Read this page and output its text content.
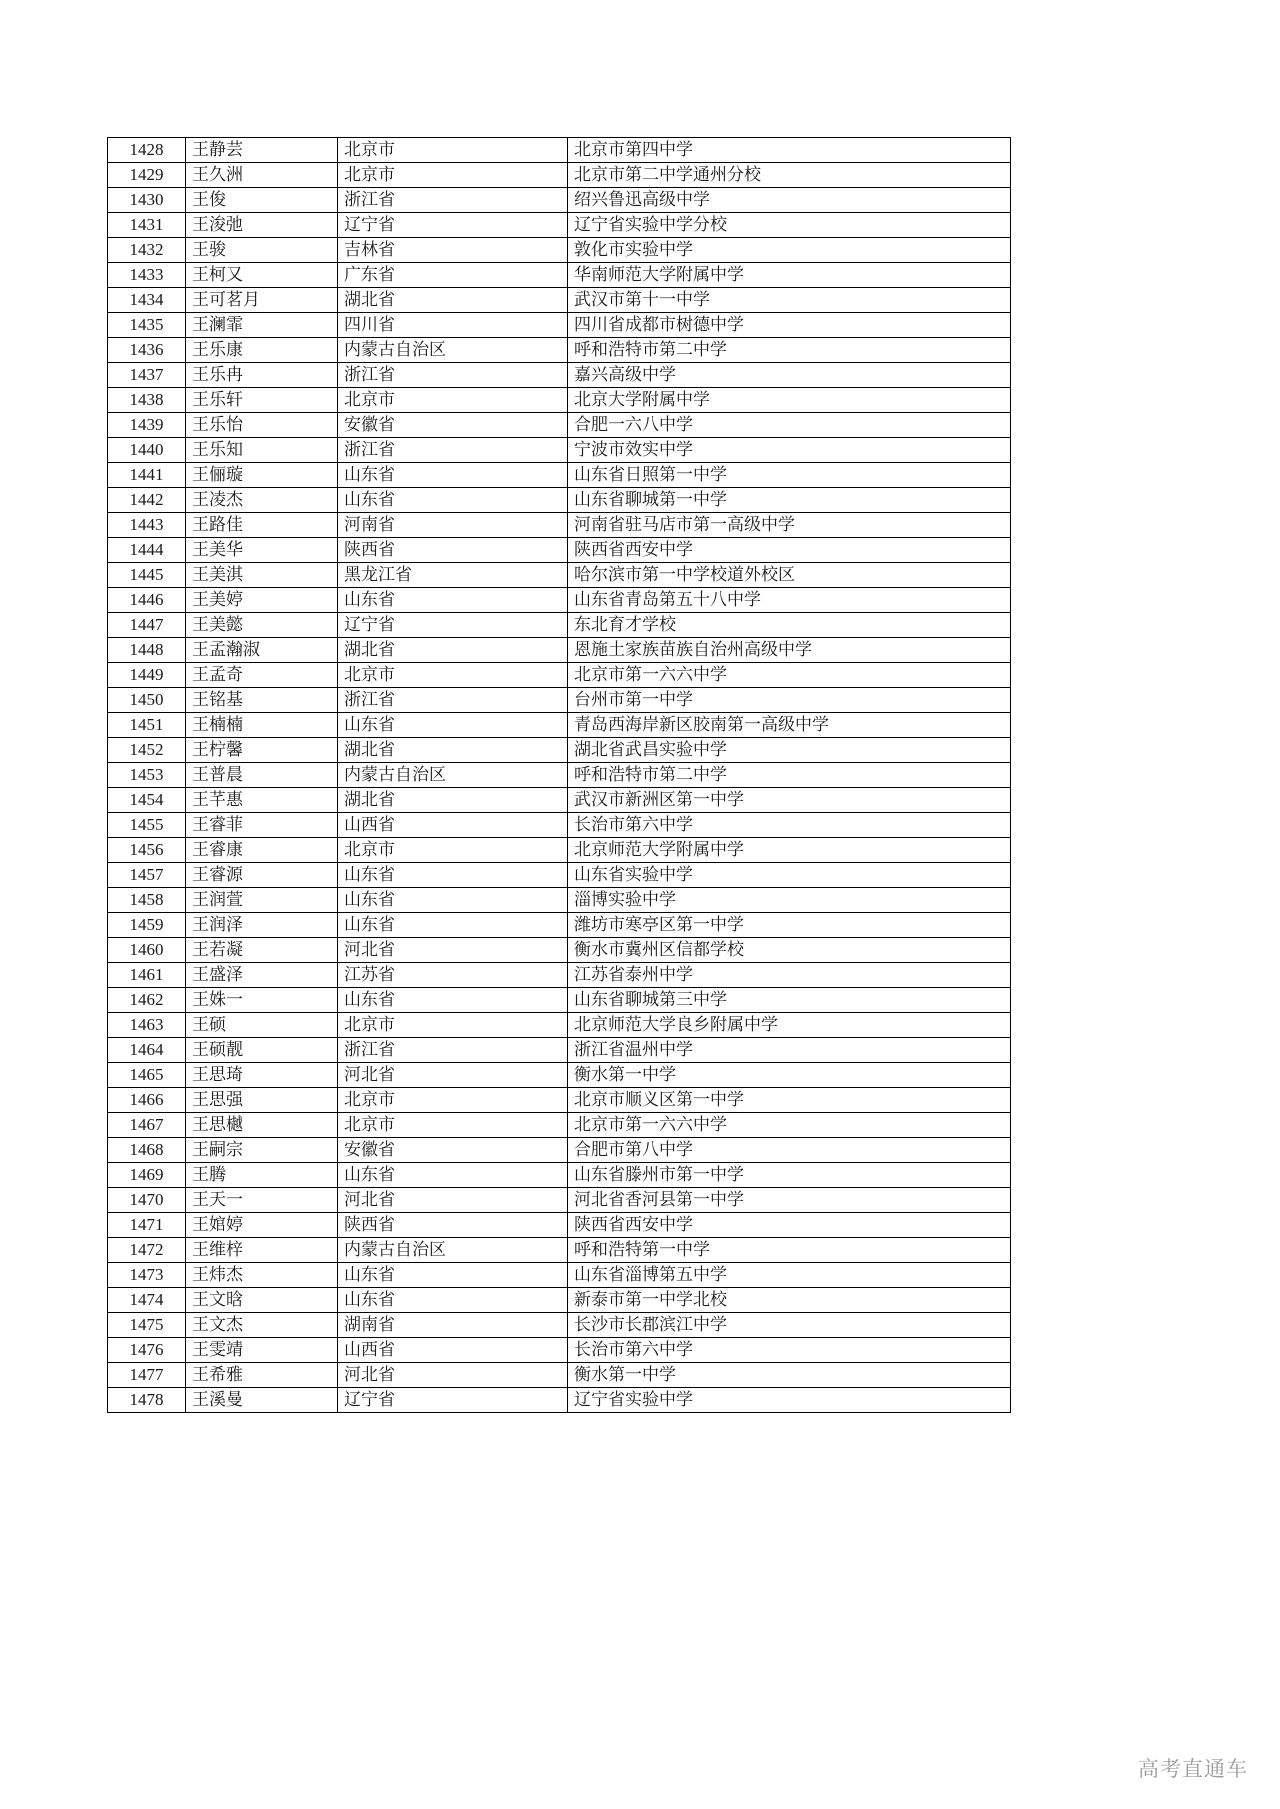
1428	王静芸	北京市	北京市第四中学
1429	王久洲	北京市	北京市第二中学通州分校
1430	王俊	浙江省	绍兴鲁迅高级中学
1431	王浚弛	辽宁省	辽宁省实验中学分校
1432	王骏	吉林省	敦化市实验中学
1433	王柯又	广东省	华南师范大学附属中学
1434	王可茗月	湖北省	武汉市第十一中学
1435	王澜霏	四川省	四川省成都市树德中学
1436	王乐康	内蒙古自治区	呼和浩特市第二中学
1437	王乐冉	浙江省	嘉兴高级中学
1438	王乐轩	北京市	北京大学附属中学
1439	王乐怡	安徽省	合肥一六八中学
1440	王乐知	浙江省	宁波市效实中学
1441	王俪璇	山东省	山东省日照第一中学
1442	王凌杰	山东省	山东省聊城第一中学
1443	王路佳	河南省	河南省驻马店市第一高级中学
1444	王美华	陕西省	陕西省西安中学
1445	王美淇	黑龙江省	哈尔滨市第一中学校道外校区
1446	王美婷	山东省	山东省青岛第五十八中学
1447	王美懿	辽宁省	东北育才学校
1448	王孟瀚淑	湖北省	恩施土家族苗族自治州高级中学
1449	王孟奇	北京市	北京市第一六六中学
1450	王铭基	浙江省	台州市第一中学
1451	王楠楠	山东省	青岛西海岸新区胶南第一高级中学
1452	王柠馨	湖北省	湖北省武昌实验中学
1453	王普晨	内蒙古自治区	呼和浩特市第二中学
1454	王芊惠	湖北省	武汉市新洲区第一中学
1455	王睿菲	山西省	长治市第六中学
1456	王睿康	北京市	北京师范大学附属中学
1457	王睿源	山东省	山东省实验中学
1458	王润萱	山东省	淄博实验中学
1459	王润泽	山东省	潍坊市寒亭区第一中学
1460	王若凝	河北省	衡水市冀州区信都学校
1461	王盛泽	江苏省	江苏省泰州中学
1462	王姝一	山东省	山东省聊城第三中学
1463	王硕	北京市	北京师范大学良乡附属中学
1464	王硕靓	浙江省	浙江省温州中学
1465	王思琦	河北省	衡水第一中学
1466	王思强	北京市	北京市顺义区第一中学
1467	王思樾	北京市	北京市第一六六中学
1468	王嗣宗	安徽省	合肥市第八中学
1469	王腾	山东省	山东省滕州市第一中学
1470	王天一	河北省	河北省香河县第一中学
1471	王婠婷	陕西省	陕西省西安中学
1472	王维梓	内蒙古自治区	呼和浩特第一中学
1473	王炜杰	山东省	山东省淄博第五中学
1474	王文晗	山东省	新泰市第一中学北校
1475	王文杰	湖南省	长沙市长郡滨江中学
1476	王雯靖	山西省	长治市第六中学
1477	王希雅	河北省	衡水第一中学
1478	王溪曼	辽宁省	辽宁省实验中学
高考直通车
